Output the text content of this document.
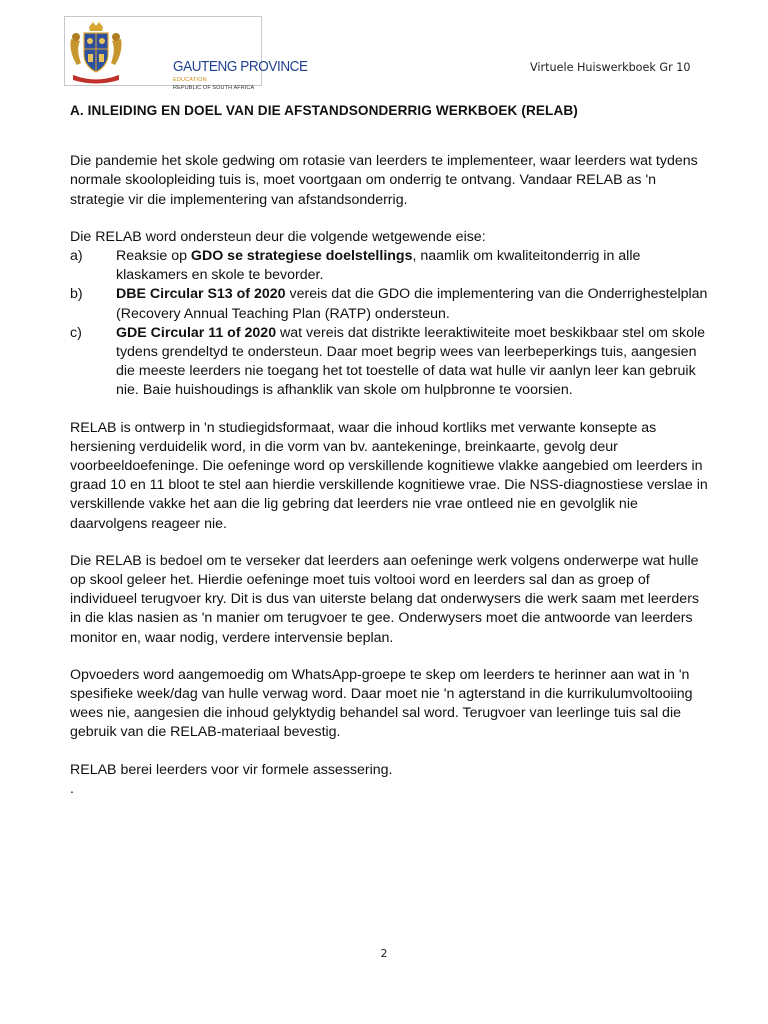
GAUTENG PROVINCE
EDUCATION
REPUBLIC OF SOUTH AFRICA
Virtuele Huiswerkboek Gr 10
A. INLEIDING EN DOEL VAN DIE AFSTANDSONDERRIG WERKBOEK (RELAB)

Die pandemie het skole gedwing om rotasie van leerders te implementeer, waar leerders wat tydens normale skoolopleiding tuis is, moet voortgaan om onderrig te ontvang. Vandaar RELAB as 'n strategie vir die implementering van afstandsonderrig.

Die RELAB word ondersteun deur die volgende wetgewende eise:

a)	Reaksie op GDO se strategiese doelstellings, naamlik om kwaliteitonderrig in alle klaskamers en skole te bevorder.
b)	DBE Circular S13 of 2020 vereis dat die GDO die implementering van die Onderrighestelplan (Recovery Annual Teaching Plan (RATP) ondersteun.
c)	GDE Circular 11 of 2020 wat vereis dat distrikte leeraktiwiteite moet beskikbaar stel om skole tydens grendeltyd te ondersteun. Daar moet begrip wees van leerbeperkings tuis, aangesien die meeste leerders nie toegang het tot toestelle of data wat hulle vir aanlyn leer kan gebruik nie. Baie huishoudings is afhanklik van skole om hulpbronne te voorsien.

RELAB is ontwerp in 'n studiegidsformaat, waar die inhoud kortliks met verwante konsepte as hersiening verduidelik word, in die vorm van bv. aantekeninge, breinkaarte, gevolg deur voorbeeldoefeninge. Die oefeninge word op verskillende kognitiewe vlakke aangebied om leerders in graad 10 en 11 bloot te stel aan hierdie verskillende kognitiewe vrae. Die NSS-diagnostiese verslae in verskillende vakke het aan die lig gebring dat leerders nie vrae ontleed nie en gevolglik nie daarvolgens reageer nie.

Die RELAB is bedoel om te verseker dat leerders aan oefeninge werk volgens onderwerpe wat hulle op skool geleer het. Hierdie oefeninge moet tuis voltooi word en leerders sal dan as groep of individueel terugvoer kry. Dit is dus van uiterste belang dat onderwysers die werk saam met leerders in die klas nasien as 'n manier om terugvoer te gee. Onderwysers moet die antwoorde van leerders monitor en, waar nodig, verdere intervensie beplan.

Opvoeders word aangemoedig om WhatsApp-groepe te skep om leerders te herinner aan wat in 'n spesifieke week/dag van hulle verwag word. Daar moet nie 'n agterstand in die kurrikulumvoltooiing wees nie, aangesien die inhoud gelyktydig behandel sal word. Terugvoer van leerlinge tuis sal die gebruik van die RELAB-materiaal bevestig.

RELAB berei leerders voor vir formele assessering.

.

2
